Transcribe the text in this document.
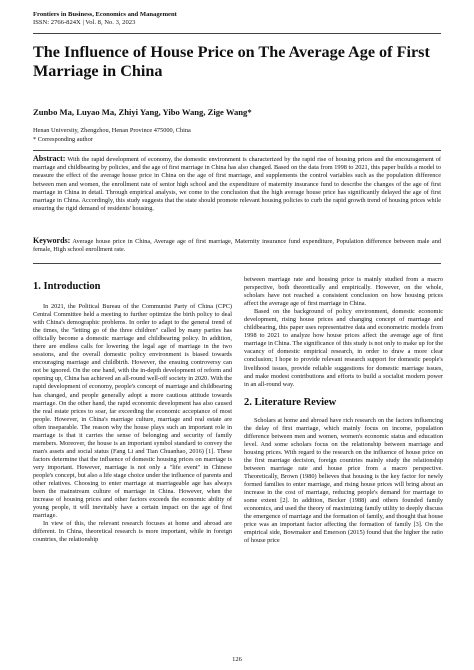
Frontiers in Business, Economics and Management
ISSN: 2766-824X | Vol. 8, No. 3, 2023
The Influence of House Price on The Average Age of First Marriage in China
Zunbo Ma, Luyao Ma, Zhiyi Yang, Yibo Wang, Zige Wang*
Henan University, Zhengzhou, Henan Province 475000, China
* Corresponding author
Abstract: With the rapid development of economy, the domestic environment is characterized by the rapid rise of housing prices and the encouragement of marriage and childbearing by policies, and the age of first marriage in China has also changed. Based on the data from 1998 to 2021, this paper builds a model to measure the effect of the average house price in China on the age of first marriage, and supplements the control variables such as the population difference between men and women, the enrollment rate of senior high school and the expenditure of maternity insurance fund to describe the changes of the age of first marriage in China in detail. Through empirical analysis, we come to the conclusion that the high average house price has significantly delayed the age of first marriage in China. Accordingly, this study suggests that the state should promote relevant housing policies to curb the rapid growth trend of housing prices while ensuring the rigid demand of residents' housing.
Keywords: Average house price in China, Average age of first marriage, Maternity insurance fund expenditure, Population difference between male and female, High school enrollment rate.
1. Introduction

In 2021, the Political Bureau of the Communist Party of China (CPC) Central Committee held a meeting to further optimize the birth policy to deal with China's demographic problems. In order to adapt to the general trend of the times, the "letting go of the three children" called by many parties has officially become a domestic marriage and childbearing policy. In addition, there are endless calls for lowering the legal age of marriage in the two sessions, and the overall domestic policy environment is biased towards encouraging marriage and childbirth. However, the ensuing controversy can not be ignored. On the one hand, with the in-depth development of reform and opening up, China has achieved an all-round well-off society in 2020. With the rapid development of economy, people's concept of marriage and childbearing has changed, and people generally adopt a more cautious attitude towards marriage. On the other hand, the rapid economic development has also caused the real estate prices to soar, far exceeding the economic acceptance of most people. However, in China's marriage culture, marriage and real estate are often inseparable. The reason why the house plays such an important role in marriage is that it carries the sense of belonging and security of family members. Moreover, the house is an important symbol standard to convey the man's assets and social status (Fang Li and Tian Chuanhao, 2016) [1]. These factors determine that the influence of domestic housing prices on marriage is very important. However, marriage is not only a "life event" in Chinese people's concept, but also a life stage choice under the influence of parents and other relatives. Choosing to enter marriage at marriageable age has always been the mainstream culture of marriage in China. However, when the increase of housing prices and other factors exceeds the economic ability of young people, it will inevitably have a certain impact on the age of first marriage.

In view of this, the relevant research focuses at home and abroad are different. In China, theoretical research is more important, while in foreign countries, the relationship

between marriage rate and housing price is mainly studied from a macro perspective, both theoretically and empirically. However, on the whole, scholars have not reached a consistent conclusion on how housing prices affect the average age of first marriage in China.

Based on the background of policy environment, domestic economic development, rising house prices and changing concept of marriage and childbearing, this paper uses representative data and econometric models from 1998 to 2021 to analyze how house prices affect the average age of first marriage in China. The significance of this study is not only to make up for the vacancy of domestic empirical research, in order to draw a more clear conclusion; I hope to provide relevant research support for domestic people's livelihood issues, provide reliable suggestions for domestic marriage issues, and make modest contributions and efforts to build a socialist modern power in an all-round way.

2. Literature Review

Scholars at home and abroad have rich research on the factors influencing the delay of first marriage, which mainly focus on income, population difference between men and women, women's economic status and education level. And some scholars focus on the relationship between marriage and housing prices. With regard to the research on the influence of house price on the first marriage decision, foreign countries mainly study the relationship between marriage rate and house price from a macro perspective. Theoretically, Brown (1980) believes that housing is the key factor for newly formed families to enter marriage, and rising house prices will bring about an increase in the cost of marriage, reducing people's demand for marriage to some extent [2]. In addition, Becker (1988) and others founded family economics, and used the theory of maximizing family utility to deeply discuss the emergence of marriage and the formation of family, and thought that house price was an important factor affecting the formation of family [3]. On the empirical side, Bowmaker and Emerson (2015) found that the higher the ratio of house price

126
